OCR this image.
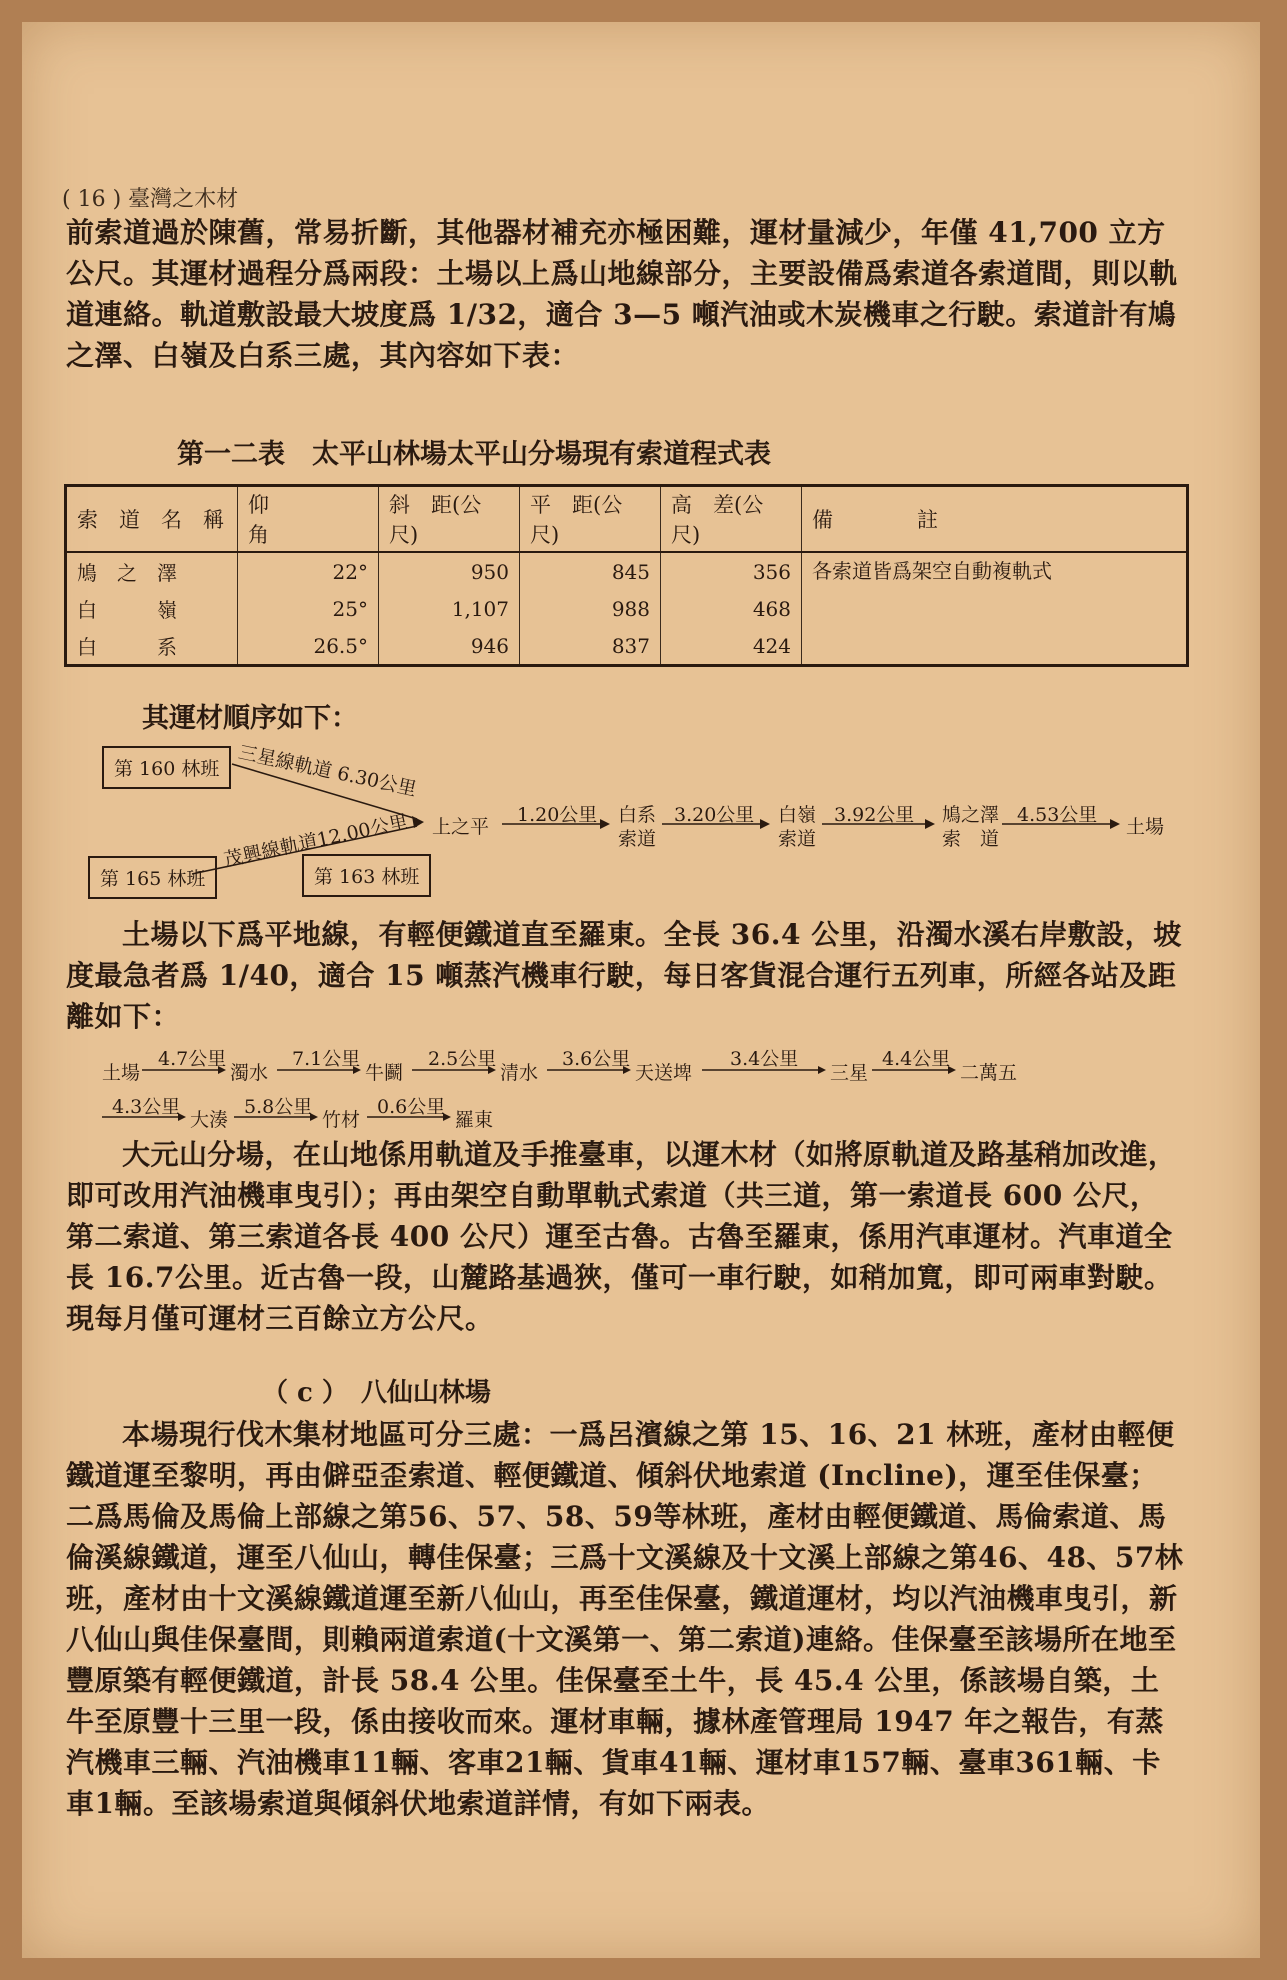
( 16 ) 臺灣之木材
前索道過於陳舊，常易折斷，其他器材補充亦極困難，運材量減少，年僅 41,700 立方公尺。其運材過程分爲兩段：土場以上爲山地線部分，主要設備爲索道各索道間，則以軌道連絡。軌道敷設最大坡度爲 1/32，適合 3—5 噸汽油或木炭機車之行駛。索道計有鳩之澤、白嶺及白系三處，其內容如下表：
第一二表　太平山林場太平山分場現有索道程式表
索　道　名　稱	仰　　　　角	斜　距(公尺)	平　距(公尺)	高　差(公尺)	備　　　　註
鳩　之　澤	22°	950	845	356	各索道皆爲架空自動複軌式
白　　　嶺	25°	1,107	988	468	
白　　　系	26.5°	946	837	424	
其運材順序如下：
第 160 林班
第 165 林班	第 163 林班
三星線軌道 6.30公里
茂興線軌道12.00公里 上之平
1.20公里 白系
索道
3.20公里 白嶺
索道
3.92公里 鳩之澤
索　道
4.53公里
土場
土場以下爲平地線，有輕便鐵道直至羅東。全長 36.4 公里，沿濁水溪右岸敷設，坡度最急者爲 1/40，適合 15 噸蒸汽機車行駛，每日客貨混合運行五列車，所經各站及距離如下：
土場
4.7公里
濁水
7.1公里
牛鬬
2.5公里
清水
3.6公里
天送埤
3.4公里
三星
4.4公里
二萬五
4.3公里
大湊
5.8公里
竹材
0.6公里
羅東
大元山分場，在山地係用軌道及手推臺車，以運木材（如將原軌道及路基稍加改進，即可改用汽油機車曳引）；再由架空自動單軌式索道（共三道，第一索道長 600 公尺，第二索道、第三索道各長 400 公尺）運至古魯。古魯至羅東，係用汽車運材。汽車道全長 16.7公里。近古魯一段，山麓路基過狹，僅可一車行駛，如稍加寬，即可兩車對駛。現每月僅可運材三百餘立方公尺。
（ c ）　八仙山林場
本場現行伐木集材地區可分三處：一爲呂濱線之第 15、16、21 林班，產材由輕便鐵道運至黎明，再由僻亞歪索道、輕便鐵道、傾斜伏地索道 (Incline)，運至佳保臺；二爲馬倫及馬倫上部線之第56、57、58、59等林班，產材由輕便鐵道、馬倫索道、馬倫溪線鐵道，運至八仙山，轉佳保臺；三爲十文溪線及十文溪上部線之第46、48、57林班，產材由十文溪線鐵道運至新八仙山，再至佳保臺，鐵道運材，均以汽油機車曳引，新八仙山與佳保臺間，則賴兩道索道(十文溪第一、第二索道)連絡。佳保臺至該場所在地至豐原築有輕便鐵道，計長 58.4 公里。佳保臺至土牛，長 45.4 公里，係該場自築，土牛至原豐十三里一段，係由接收而來。運材車輛，據林產管理局 1947 年之報告，有蒸汽機車三輛、汽油機車11輛、客車21輛、貨車41輛、運材車157輛、臺車361輛、卡車1輛。至該場索道與傾斜伏地索道詳情，有如下兩表。
